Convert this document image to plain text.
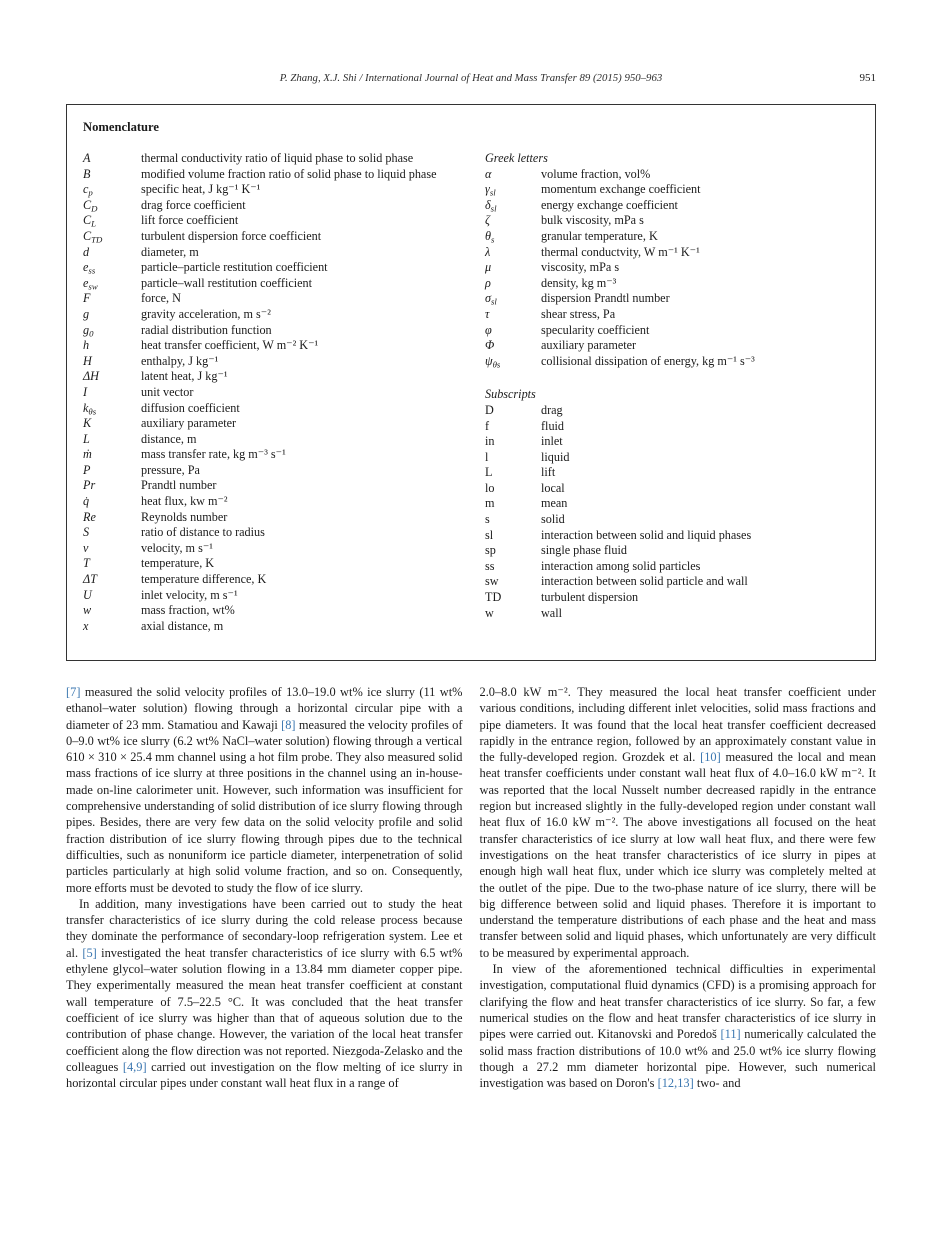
P. Zhang, X.J. Shi / International Journal of Heat and Mass Transfer 89 (2015) 950–963	951
Nomenclature
A	thermal conductivity ratio of liquid phase to solid phase
B	modified volume fraction ratio of solid phase to liquid phase
$c_p$	specific heat, J kg⁻¹ K⁻¹
$C_D$	drag force coefficient
$C_L$	lift force coefficient
$C_{TD}$	turbulent dispersion force coefficient
d	diameter, m
$e_{ss}$	particle–particle restitution coefficient
$e_{sw}$	particle–wall restitution coefficient
F	force, N
g	gravity acceleration, m s⁻²
$g_0$	radial distribution function
h	heat transfer coefficient, W m⁻² K⁻¹
H	enthalpy, J kg⁻¹
ΔH	latent heat, J kg⁻¹
I	unit vector
$k_{\theta s}$	diffusion coefficient
K	auxiliary parameter
L	distance, m
ṁ	mass transfer rate, kg m⁻³ s⁻¹
P	pressure, Pa
Pr	Prandtl number
q̇	heat flux, kw m⁻²
Re	Reynolds number
S	ratio of distance to radius
v	velocity, m s⁻¹
T	temperature, K
ΔT	temperature difference, K
U	inlet velocity, m s⁻¹
w	mass fraction, wt%
x	axial distance, m
Greek letters
α	volume fraction, vol%
$\gamma_{sl}$	momentum exchange coefficient
$\delta_{sl}$	energy exchange coefficient
ζ	bulk viscosity, mPa s
$\theta_s$	granular temperature, K
λ	thermal conductvity, W m⁻¹ K⁻¹
μ	viscosity, mPa s
ρ	density, kg m⁻³
$\sigma_{sl}$	dispersion Prandtl number
τ	shear stress, Pa
φ	specularity coefficient
Φ	auxiliary parameter
$\psi_{\theta s}$	collisional dissipation of energy, kg m⁻¹ s⁻³
Subscripts
D	drag
f	fluid
in	inlet
l	liquid
L	lift
lo	local
m	mean
s	solid
sl	interaction between solid and liquid phases
sp	single phase fluid
ss	interaction among solid particles
sw	interaction between solid particle and wall
TD	turbulent dispersion
w	wall

[7] measured the solid velocity profiles of 13.0–19.0 wt% ice slurry (11 wt% ethanol–water solution) flowing through a horizontal circular pipe with a diameter of 23 mm. Stamatiou and Kawaji [8] measured the velocity profiles of 0–9.0 wt% ice slurry (6.2 wt% NaCl–water solution) flowing through a vertical 610 × 310 × 25.4 mm channel using a hot film probe. They also measured solid mass fractions of ice slurry at three positions in the channel using an in-house-made on-line calorimeter unit. However, such information was insufficient for comprehensive understanding of solid distribution of ice slurry flowing through pipes. Besides, there are very few data on the solid velocity profile and solid fraction distribution of ice slurry flowing through pipes due to the technical difficulties, such as nonuniform ice particle diameter, interpenetration of solid particles particularly at high solid volume fraction, and so on. Consequently, more efforts must be devoted to study the flow of ice slurry.

In addition, many investigations have been carried out to study the heat transfer characteristics of ice slurry during the cold release process because they dominate the performance of secondary-loop refrigeration system. Lee et al. [5] investigated the heat transfer characteristics of ice slurry with 6.5 wt% ethylene glycol–water solution flowing in a 13.84 mm diameter copper pipe. They experimentally measured the mean heat transfer coefficient at constant wall temperature of 7.5–22.5 °C. It was concluded that the heat transfer coefficient of ice slurry was higher than that of aqueous solution due to the contribution of phase change. However, the variation of the local heat transfer coefficient along the flow direction was not reported. Niezgoda-Zelasko and the colleagues [4,9] carried out investigation on the flow melting of ice slurry in horizontal circular pipes under constant wall heat flux in a range of

2.0–8.0 kW m⁻². They measured the local heat transfer coefficient under various conditions, including different inlet velocities, solid mass fractions and pipe diameters. It was found that the local heat transfer coefficient decreased rapidly in the entrance region, followed by an approximately constant value in the fully-developed region. Grozdek et al. [10] measured the local and mean heat transfer coefficients under constant wall heat flux of 4.0–16.0 kW m⁻². It was reported that the local Nusselt number decreased rapidly in the entrance region but increased slightly in the fully-developed region under constant wall heat flux of 16.0 kW m⁻². The above investigations all focused on the heat transfer characteristics of ice slurry at low wall heat flux, and there were few investigations on the heat transfer characteristics of ice slurry in pipes at enough high wall heat flux, under which ice slurry was completely melted at the outlet of the pipe. Due to the two-phase nature of ice slurry, there will be big difference between solid and liquid phases. Therefore it is important to understand the temperature distributions of each phase and the heat and mass transfer between solid and liquid phases, which unfortunately are very difficult to be measured by experimental approach.

In view of the aforementioned technical difficulties in experimental investigation, computational fluid dynamics (CFD) is a promising approach for clarifying the flow and heat transfer characteristics of ice slurry. So far, a few numerical studies on the flow and heat transfer characteristics of ice slurry in pipes were carried out. Kitanovski and Poredoš [11] numerically calculated the solid mass fraction distributions of 10.0 wt% and 25.0 wt% ice slurry flowing though a 27.2 mm diameter horizontal pipe. However, such numerical investigation was based on Doron's [12,13] two- and
